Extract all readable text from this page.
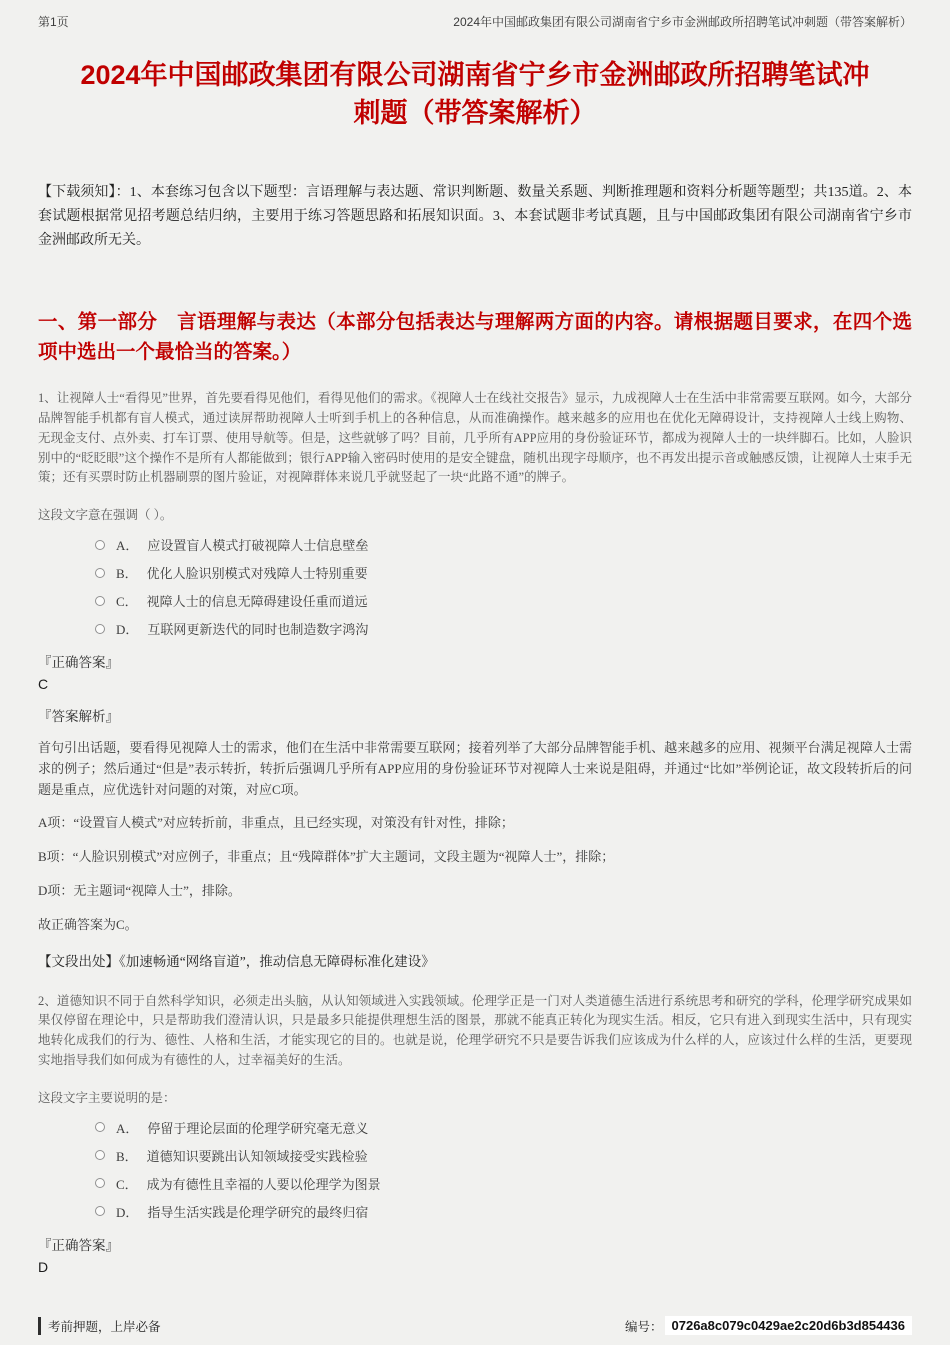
第1页	2024年中国邮政集团有限公司湖南省宁乡市金洲邮政所招聘笔试冲刺题（带答案解析）
2024年中国邮政集团有限公司湖南省宁乡市金洲邮政所招聘笔试冲刺题（带答案解析）

【下载须知】：1、本套练习包含以下题型：言语理解与表达题、常识判断题、数量关系题、判断推理题和资料分析题等题型；共135道。2、本套试题根据常见招考题总结归纳，主要用于练习答题思路和拓展知识面。3、本套试题非考试真题，且与中国邮政集团有限公司湖南省宁乡市金洲邮政所无关。

一、第一部分　言语理解与表达（本部分包括表达与理解两方面的内容。请根据题目要求，在四个选项中选出一个最恰当的答案。）

1、让视障人士“看得见”世界，首先要看得见他们，看得见他们的需求。《视障人士在线社交报告》显示，九成视障人士在生活中非常需要互联网。如今，大部分品牌智能手机都有盲人模式，通过读屏帮助视障人士听到手机上的各种信息，从而准确操作。越来越多的应用也在优化无障碍设计，支持视障人士线上购物、无现金支付、点外卖、打车订票、使用导航等。但是，这些就够了吗？目前，几乎所有APP应用的身份验证环节，都成为视障人士的一块绊脚石。比如，人脸识别中的“眨眨眼”这个操作不是所有人都能做到；银行APP输入密码时使用的是安全键盘，随机出现字母顺序，也不再发出提示音或触感反馈，让视障人士束手无策；还有买票时防止机器刷票的图片验证，对视障群体来说几乎就竖起了一块“此路不通”的牌子。

这段文字意在强调（ ）。

A． 应设置盲人模式打破视障人士信息壁垒
B． 优化人脸识别模式对残障人士特别重要
C． 视障人士的信息无障碍建设任重而道远
D． 互联网更新迭代的同时也制造数字鸿沟

『正确答案』

C

『答案解析』

首句引出话题，要看得见视障人士的需求，他们在生活中非常需要互联网；接着列举了大部分品牌智能手机、越来越多的应用、视频平台满足视障人士需求的例子；然后通过“但是”表示转折，转折后强调几乎所有APP应用的身份验证环节对视障人士来说是阻碍，并通过“比如”举例论证，故文段转折后的问题是重点，应优选针对问题的对策，对应C项。

A项：“设置盲人模式”对应转折前，非重点，且已经实现，对策没有针对性，排除；

B项：“人脸识别模式”对应例子，非重点；且“残障群体”扩大主题词，文段主题为“视障人士”，排除；

D项：无主题词“视障人士”，排除。

故正确答案为C。

【文段出处】《加速畅通“网络盲道”，推动信息无障碍标准化建设》

2、道德知识不同于自然科学知识，必须走出头脑，从认知领域进入实践领域。伦理学正是一门对人类道德生活进行系统思考和研究的学科，伦理学研究成果如果仅停留在理论中，只是帮助我们澄清认识，只是最多只能提供理想生活的图景，那就不能真正转化为现实生活。相反，它只有进入到现实生活中，只有现实地转化成我们的行为、德性、人格和生活，才能实现它的目的。也就是说，伦理学研究不只是要告诉我们应该成为什么样的人，应该过什么样的生活，更要现实地指导我们如何成为有德性的人，过幸福美好的生活。

这段文字主要说明的是：

A． 停留于理论层面的伦理学研究毫无意义
B． 道德知识要跳出认知领域接受实践检验
C． 成为有德性且幸福的人要以伦理学为图景
D． 指导生活实践是伦理学研究的最终归宿

『正确答案』

D

考前押题，上岸必备	编号： 0726a8c079c0429ae2c20d6b3d854436
